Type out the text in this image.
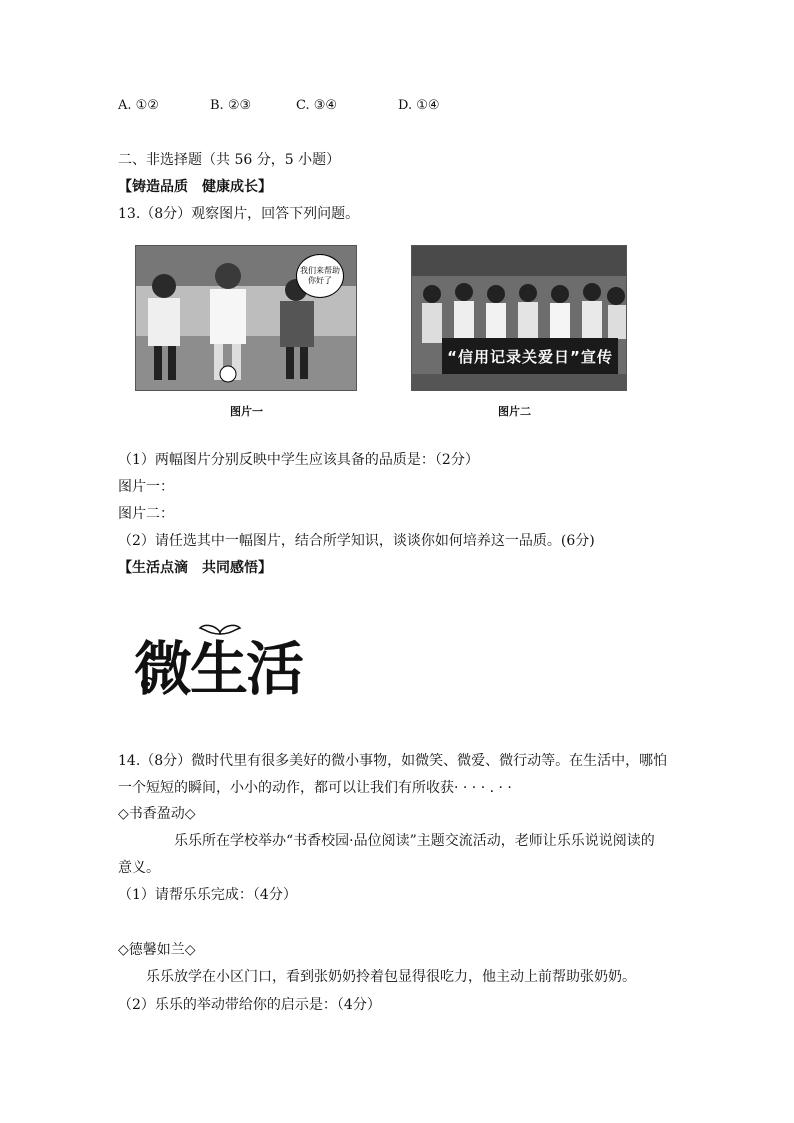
A. ①②	B. ②③	C. ③④	D. ①④
二、非选择题（共 56 分，5 小题）
【铸造品质　健康成长】
13.（8分）观察图片，回答下列问题。
我们来帮助你好了
图片一
“信用记录关爱日”宣传
图片二
（1）两幅图片分别反映中学生应该具备的品质是：（2分）
图片一：
图片二：
（2）请任选其中一幅图片，结合所学知识，谈谈你如何培养这一品质。(6分)
【生活点滴　共同感悟】
微生活
14.（8分）微时代里有很多美好的微小事物，如微笑、微爱、微行动等。在生活中，哪怕
一个短短的瞬间，小小的动作，都可以让我们有所收获· · · · . · ·
◇书香盈动◇
乐乐所在学校举办“书香校园·品位阅读”主题交流活动，老师让乐乐说说阅读的
意义。
（1）请帮乐乐完成：（4分）
◇德馨如兰◇
乐乐放学在小区门口，看到张奶奶拎着包显得很吃力，他主动上前帮助张奶奶。
（2）乐乐的举动带给你的启示是：（4分）
